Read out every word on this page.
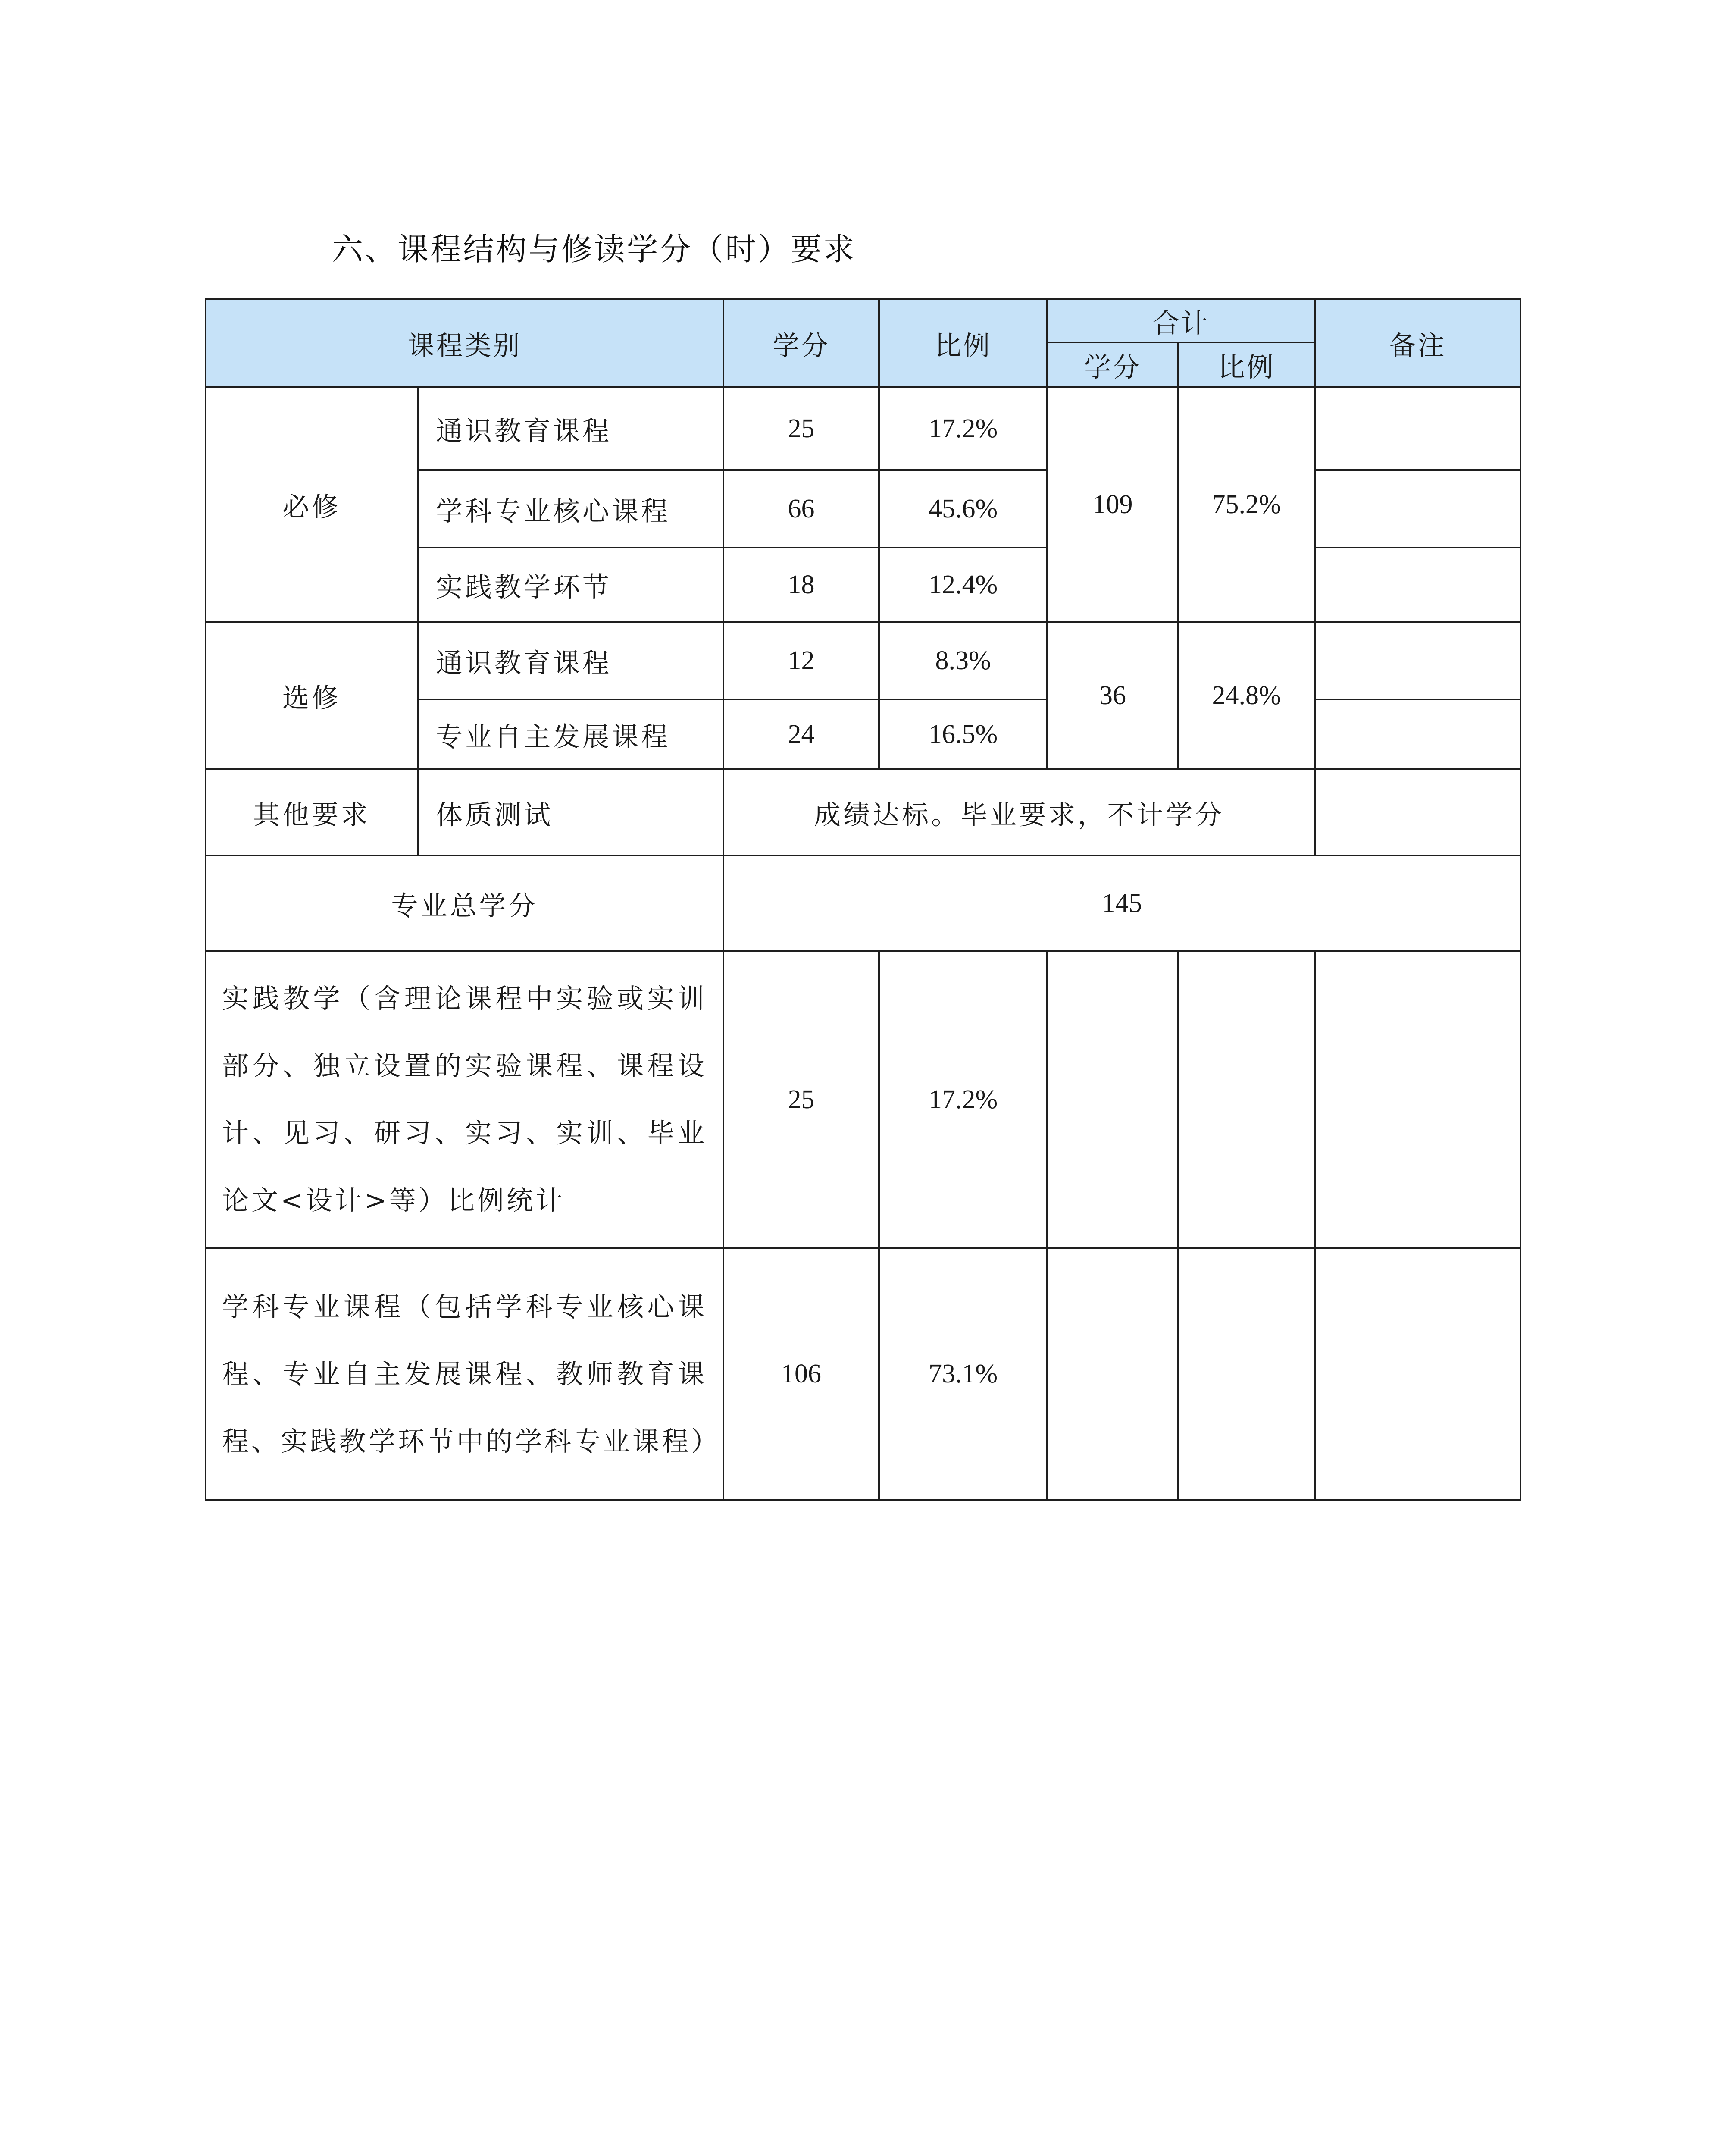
六、课程结构与修读学分（时）要求
课程类别		学分	比例	合计		备注
				学分	比例	
必修	通识教育课程	25	17.2%	109	75.2%	
	学科专业核心课程	66	45.6%			
	实践教学环节	18	12.4%			
选修	通识教育课程	12	8.3%	36	24.8%	
	专业自主发展课程	24	16.5%			
其他要求	体质测试	成绩达标。毕业要求，不计学分				
专业总学分		145				
实践教学（含理论课程中实验或实训部分、独立设置的实验课程、课程设计、见习、研习、实习、实训、毕业论文<设计>等）比例统计		25	17.2%			
学科专业课程（包括学科专业核心课程、专业自主发展课程、教师教育课程、实践教学环节中的学科专业课程）		106	73.1%			
